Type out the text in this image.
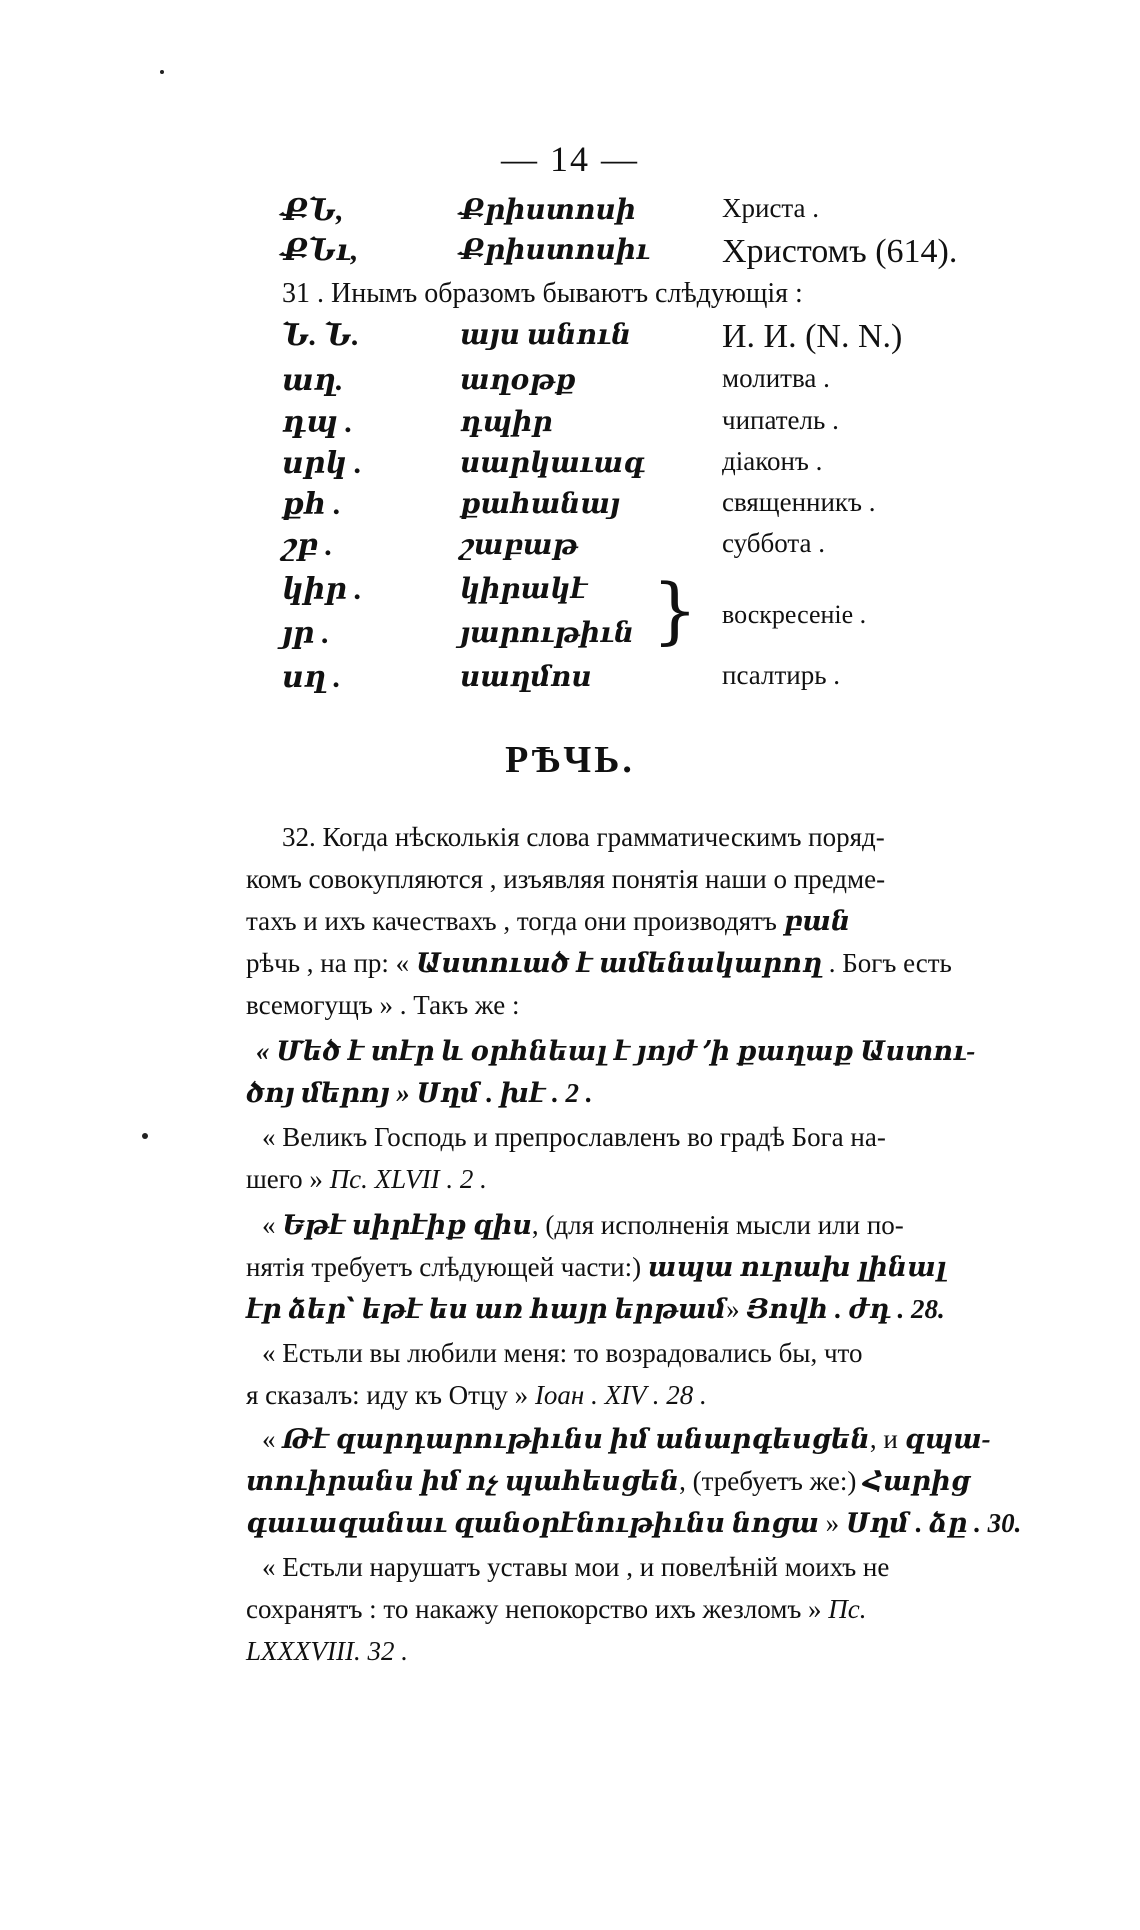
— 14 —
ՔՆ,	Քրիստոսի	Христа .
ՔՆւ,	Քրիստոսիւ Христомъ (614).
31 . Инымъ образомъ бываютъ слѣдующія :
Ն. Ն.	այս անուն	И. И. (N. N.)
աղ.	աղօթք	молитва .
դպ .	դպիր	чипатель .
սրկ .	սարկաւագ	діаконъ .
քհ .	քահանայ	священникъ .
շբ .	շաբաթ	суббота .
կիր .	կիրակէ
յր .	յարութիւն } воскресеніе .
սղ .	սաղմոս	псалтирь .
РѢЧЬ.
32. Когда нѣсколькія слова грамматическимъ поряд-
комъ совокупляются , изъявляя понятія наши о предме-
тахъ и ихъ качествахъ , тогда они производятъ բան
рѣчь , на пр: « Աստուած է ամենակարող . Богъ есть
всемогущъ » . Такъ же :
« Մեծ է տէր և օրհնեալ է յոյժ ՚ի քաղաք Աստու-
ծոյ մերոյ » Սղմ . խէ . 2 .
« Великъ Господь и препрославленъ во градѣ Бога на-
шего » Пс. XLVII . 2 .
« Եթէ սիրէիք զիս, (для исполненія мысли или по-
нятія требуетъ слѣдующей части:) ապա ուրախ լինալ
էր ձեր՝ եթէ ես առ հայր երթամ» Յովհ . ժդ . 28.
« Естьли вы любили меня: то возрадовались бы, что
я сказалъ: иду къ Отцу » Іоан . XIV . 28 .
« Թէ զարդարութիւնս իմ անարգեսցեն, и զպա-
տուիրանս իմ ոչ պահեսցեն, (требуетъ же:) Հարից
գաւազանաւ զանօրէնութիւնս նոցա » Սղմ . ձը . 30.
« Естьли нарушатъ уставы мои , и повелѣній моихъ не
сохранятъ : то накажу непокорство ихъ жезломъ » Пс.
LXXXVIII. 32 .
